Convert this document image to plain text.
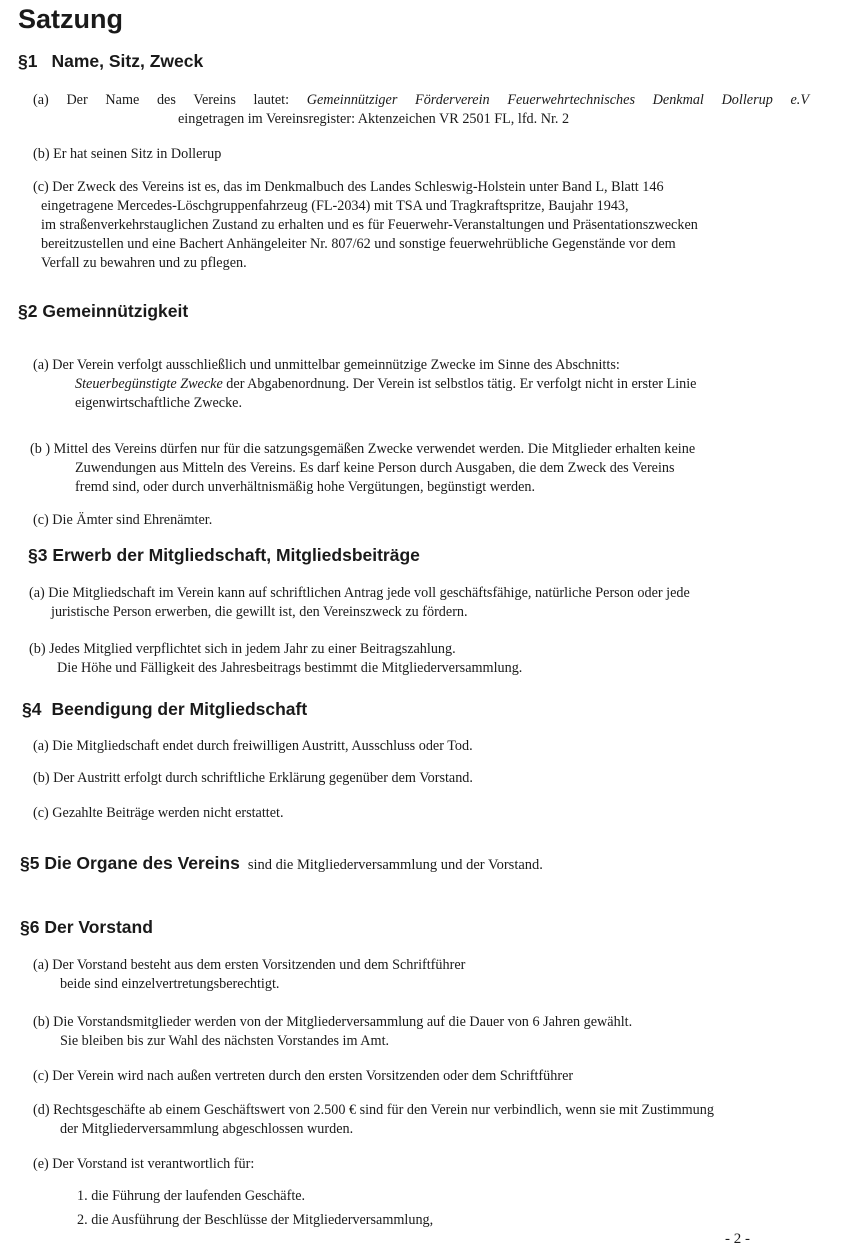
Satzung
§1 Name, Sitz, Zweck
(a) Der Name des Vereins lautet: Gemeinnütziger Förderverein Feuerwehrtechnisches Denkmal Dollerup e.V
eingetragen im Vereinsregister: Aktenzeichen VR 2501 FL, lfd. Nr. 2
(b) Er hat seinen Sitz in Dollerup
(c) Der Zweck des Vereins ist es, das im Denkmalbuch des Landes Schleswig-Holstein unter Band L, Blatt 146
eingetragene Mercedes-Löschgruppenfahrzeug (FL-2034) mit TSA und Tragkraftspritze, Baujahr 1943,
im straßenverkehrstauglichen Zustand zu erhalten und es für Feuerwehr-Veranstaltungen und Präsentationszwecken
bereitzustellen und eine Bachert Anhängeleiter Nr. 807/62 und sonstige feuerwehrübliche Gegenstände vor dem
Verfall zu bewahren und zu pflegen.
§2 Gemeinnützigkeit
(a) Der Verein verfolgt ausschließlich und unmittelbar gemeinnützige Zwecke im Sinne des Abschnitts:
Steuerbegünstigte Zwecke der Abgabenordnung. Der Verein ist selbstlos tätig. Er verfolgt nicht in erster Linie
eigenwirtschaftliche Zwecke.
(b ) Mittel des Vereins dürfen nur für die satzungsgemäßen Zwecke verwendet werden. Die Mitglieder erhalten keine
Zuwendungen aus Mitteln des Vereins. Es darf keine Person durch Ausgaben, die dem Zweck des Vereins
fremd sind, oder durch unverhältnismäßig hohe Vergütungen, begünstigt werden.
(c) Die Ämter sind Ehrenämter.
§3 Erwerb der Mitgliedschaft, Mitgliedsbeiträge
(a) Die Mitgliedschaft im Verein kann auf schriftlichen Antrag jede voll geschäftsfähige, natürliche Person oder jede
juristische Person erwerben, die gewillt ist, den Vereinszweck zu fördern.
(b) Jedes Mitglied verpflichtet sich in jedem Jahr zu einer Beitragszahlung.
Die Höhe und Fälligkeit des Jahresbeitrags bestimmt die Mitgliederversammlung.
§4 Beendigung der Mitgliedschaft
(a) Die Mitgliedschaft endet durch freiwilligen Austritt, Ausschluss oder Tod.
(b) Der Austritt erfolgt durch schriftliche Erklärung gegenüber dem Vorstand.
(c) Gezahlte Beiträge werden nicht erstattet.
§5 Die Organe des Vereins sind die Mitgliederversammlung und der Vorstand.
§6 Der Vorstand
(a) Der Vorstand besteht aus dem ersten Vorsitzenden und dem Schriftführer
beide sind einzelvertretungsberechtigt.
(b) Die Vorstandsmitglieder werden von der Mitgliederversammlung auf die Dauer von 6 Jahren gewählt.
Sie bleiben bis zur Wahl des nächsten Vorstandes im Amt.
(c) Der Verein wird nach außen vertreten durch den ersten Vorsitzenden oder dem Schriftführer
(d) Rechtsgeschäfte ab einem Geschäftswert von 2.500 € sind für den Verein nur verbindlich, wenn sie mit Zustimmung
der Mitgliederversammlung abgeschlossen wurden.
(e) Der Vorstand ist verantwortlich für:
1. die Führung der laufenden Geschäfte.
2. die Ausführung der Beschlüsse der Mitgliederversammlung,
- 2 -
